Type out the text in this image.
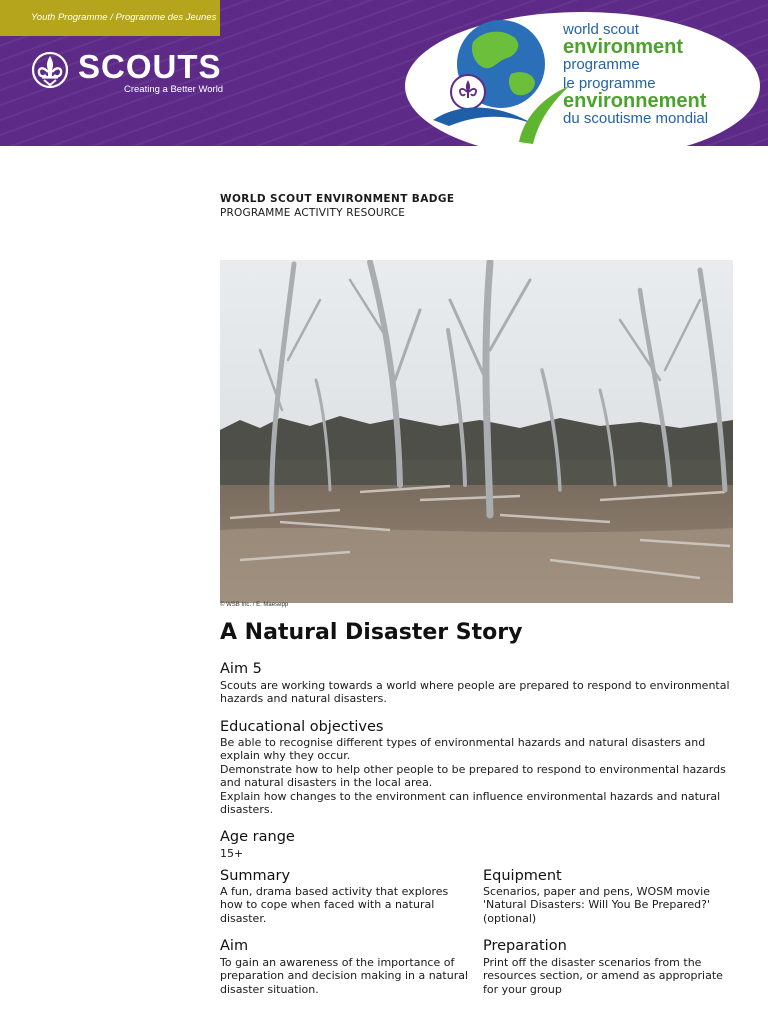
Youth Programme / Programme des Jeunes
SCOUTS
Creating a Better World
world scout
environment
programme
le programme
environnement
du scoutisme mondial
WORLD SCOUT ENVIRONMENT BADGE
PROGRAMME ACTIVITY RESOURCE
© WSB Inc. / E. Maesepp
A Natural Disaster Story
Aim 5

Scouts are working towards a world where people are prepared to respond to environmental hazards and natural disasters.

Educational objectives
Be able to recognise different types of environmental hazards and natural disasters and explain why they occur.
Demonstrate how to help other people to be prepared to respond to environmental hazards and natural disasters in the local area.
Explain how changes to the environment can influence environmental hazards and natural disasters.
Age range

15+

Summary

A fun, drama based activity that explores how to cope when faced with a natural disaster.

Equipment

Scenarios, paper and pens, WOSM movie 'Natural Disasters: Will You Be Prepared?' (optional)

Aim

To gain an awareness of the importance of preparation and decision making in a natural disaster situation.

Preparation

Print off the disaster scenarios from the resources section, or amend as appropriate for your group
